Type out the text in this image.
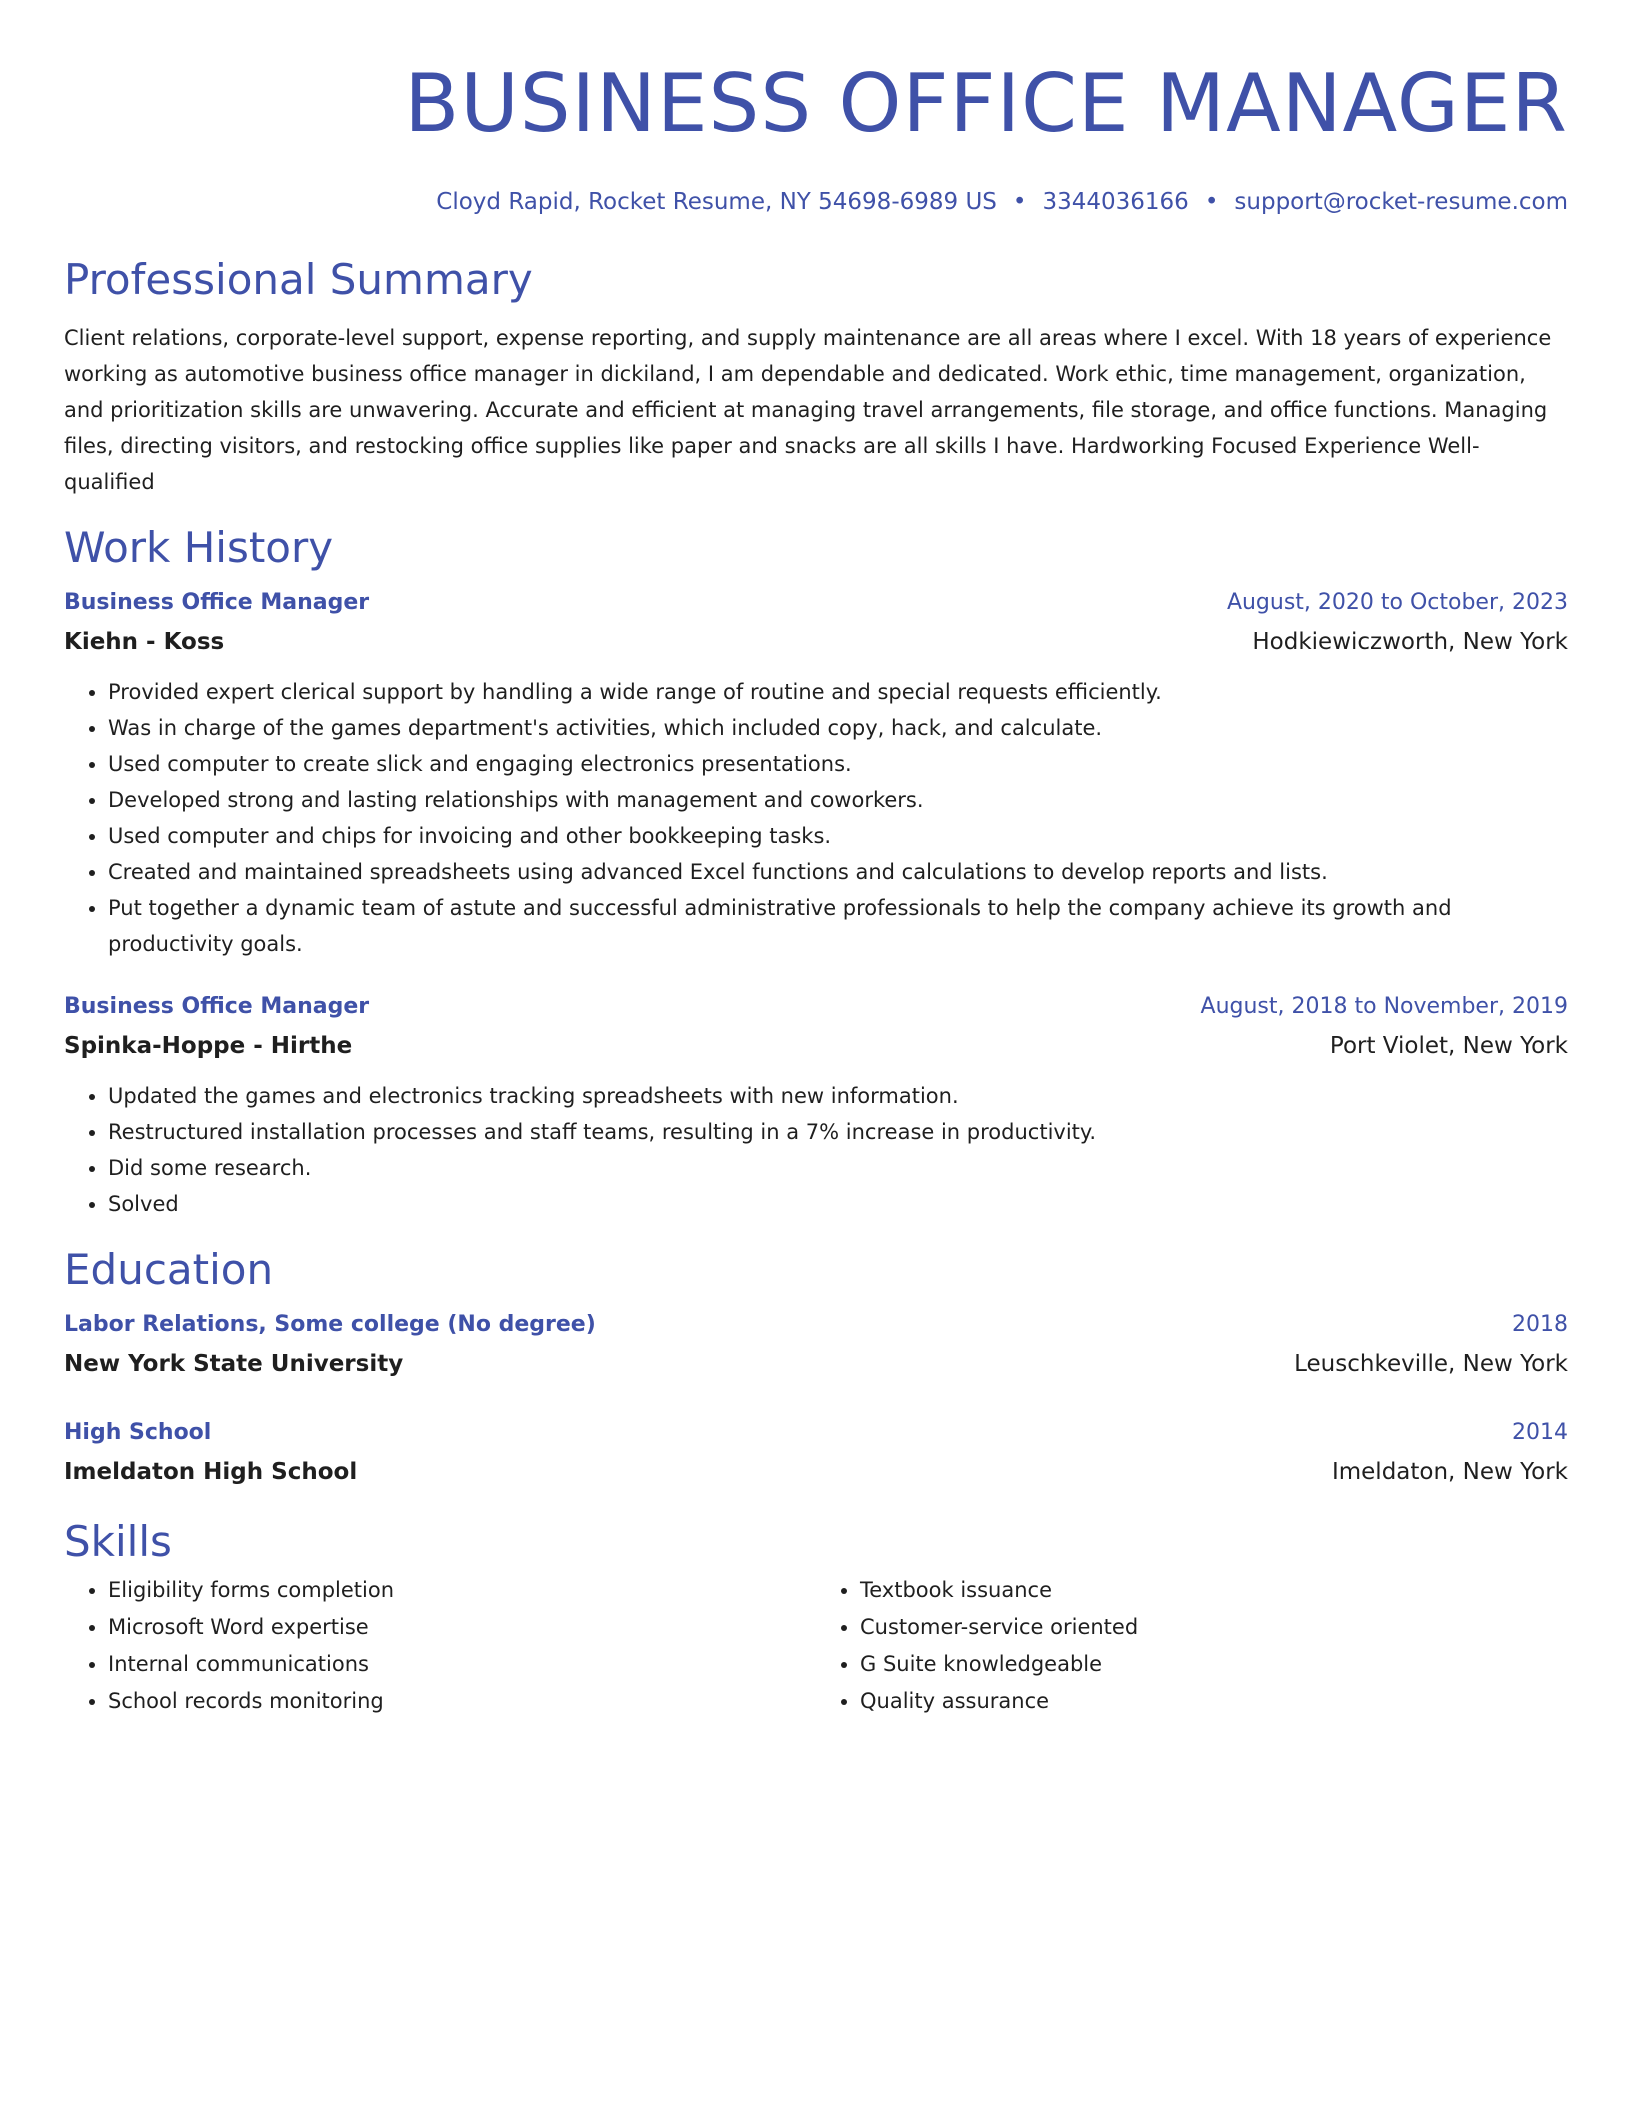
BUSINESS OFFICE MANAGER
Cloyd Rapid, Rocket Resume, NY 54698-6989 US • 3344036166 • support@rocket-resume.com
Professional Summary

Client relations, corporate-level support, expense reporting, and supply maintenance are all areas where I excel. With 18 years of experience working as automotive business office manager in dickiland, I am dependable and dedicated. Work ethic, time management, organization, and prioritization skills are unwavering. Accurate and efficient at managing travel arrangements, file storage, and office functions. Managing files, directing visitors, and restocking office supplies like paper and snacks are all skills I have. Hardworking Focused Experience Well-qualified

Work History
Business Office Manager	August, 2020 to October, 2023
Kiehn - Koss	Hodkiewiczworth, New York
• Provided expert clerical support by handling a wide range of routine and special requests efficiently.
• Was in charge of the games department's activities, which included copy, hack, and calculate.
• Used computer to create slick and engaging electronics presentations.
• Developed strong and lasting relationships with management and coworkers.
• Used computer and chips for invoicing and other bookkeeping tasks.
• Created and maintained spreadsheets using advanced Excel functions and calculations to develop reports and lists.
• Put together a dynamic team of astute and successful administrative professionals to help the company achieve its growth and productivity goals.
Business Office Manager	August, 2018 to November, 2019
Spinka-Hoppe - Hirthe	Port Violet, New York
• Updated the games and electronics tracking spreadsheets with new information.
• Restructured installation processes and staff teams, resulting in a 7% increase in productivity.
• Did some research.
• Solved
Education
Labor Relations, Some college (No degree)	2018
New York State University	Leuschkeville, New York
High School	2014
Imeldaton High School	Imeldaton, New York
Skills
• Eligibility forms completion
• Microsoft Word expertise
• Internal communications
• School records monitoring
• Textbook issuance
• Customer-service oriented
• G Suite knowledgeable
• Quality assurance
